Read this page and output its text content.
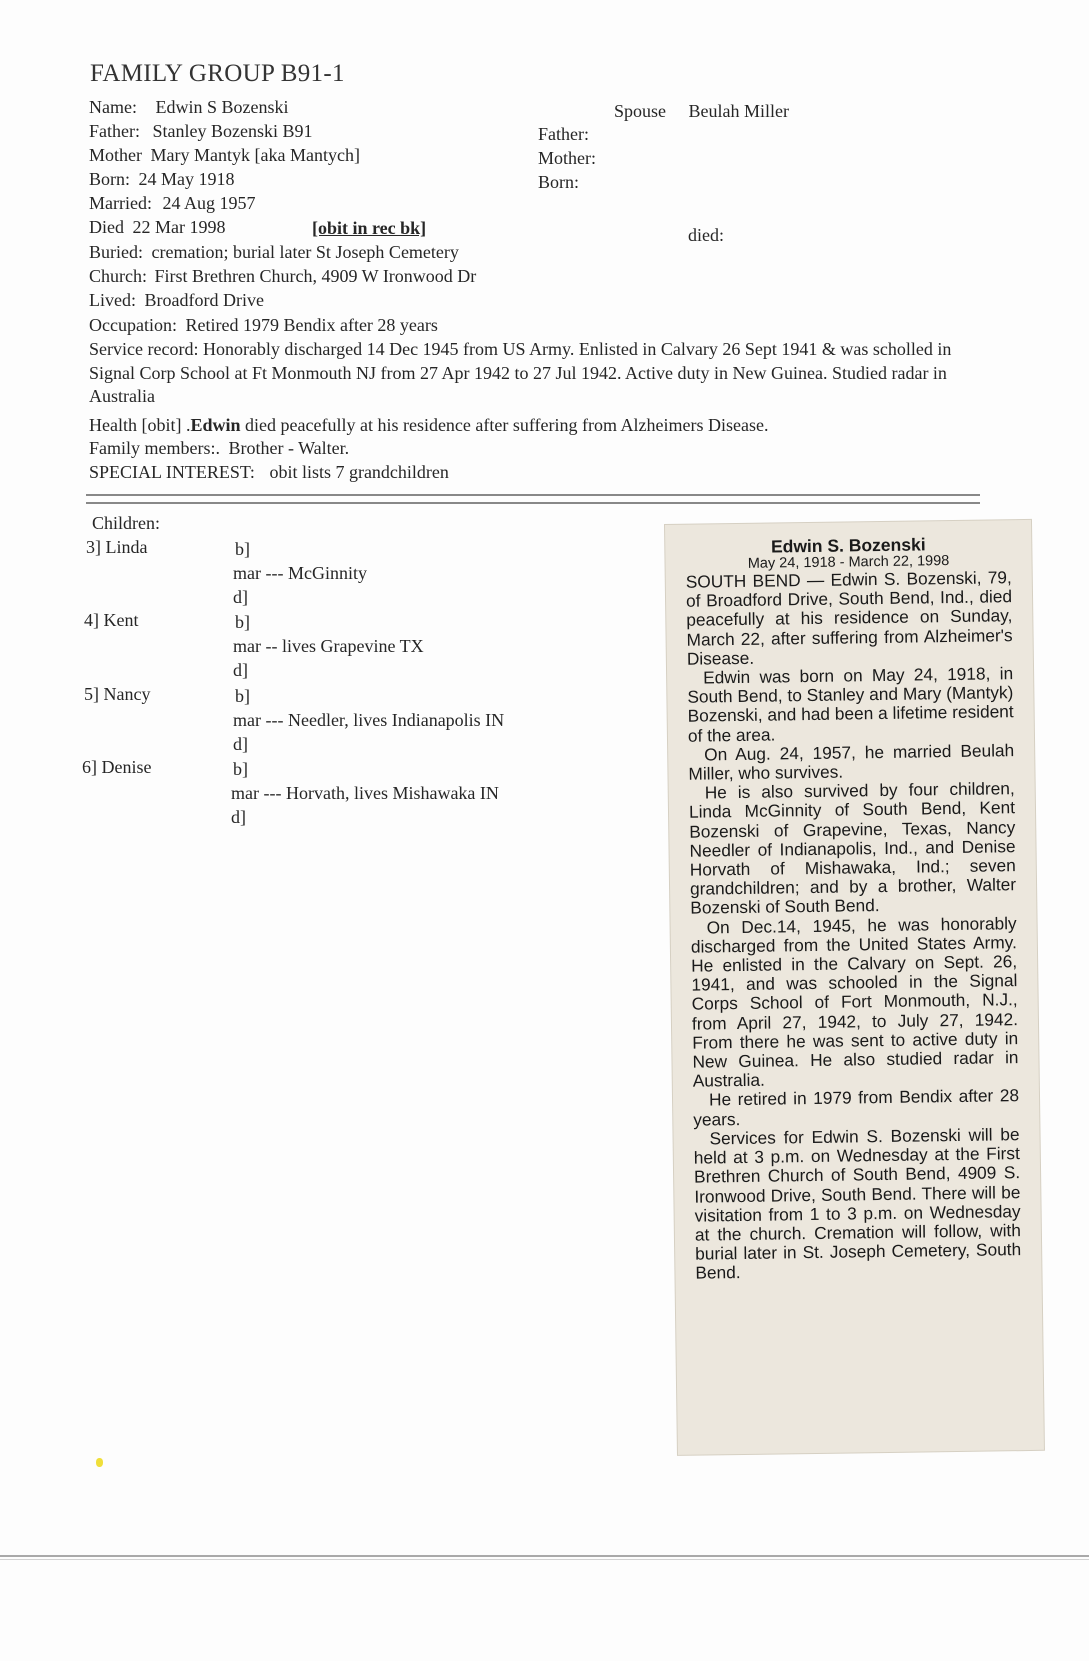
FAMILY GROUP B91-1
Name: Edwin S Bozenski
Father: Stanley Bozenski B91
Mother Mary Mantyk [aka Mantych]
Born: 24 May 1918
Married: 24 Aug 1957
Died 22 Mar 1998	[obit in rec bk]
Buried: cremation; burial later St Joseph Cemetery
Church: First Brethren Church, 4909 W Ironwood Dr
Lived: Broadford Drive
Occupation: Retired 1979 Bendix after 28 years
Service record: Honorably discharged 14 Dec 1945 from US Army. Enlisted in Calvary 26 Sept 1941 & was scholled in Signal Corp School at Ft Monmouth NJ from 27 Apr 1942 to 27 Jul 1942. Active duty in New Guinea. Studied radar in Australia
Health [obit] .Edwin died peacefully at his residence after suffering from Alzheimers Disease.
Family members:. Brother - Walter.
SPECIAL INTEREST: obit lists 7 grandchildren
Spouse Beulah Miller
Father:
Mother:
Born:
died:
Children:
3] Linda	b]
mar --- McGinnity
d]
4] Kent	b]
mar -- lives Grapevine TX
d]
5] Nancy	b]
mar --- Needler, lives Indianapolis IN
d]
6] Denise	b]
mar --- Horvath, lives Mishawaka IN
d]
Edwin S. Bozenski
May 24, 1918 - March 22, 1998

SOUTH BEND — Edwin S. Bozenski, 79, of Broadford Drive, South Bend, Ind., died peacefully at his residence on Sunday, March 22, after suffering from Alzheimer's Disease.

Edwin was born on May 24, 1918, in South Bend, to Stanley and Mary (Mantyk) Bozenski, and had been a lifetime resident of the area.

On Aug. 24, 1957, he married Beulah Miller, who survives.

He is also survived by four children, Linda McGinnity of South Bend, Kent Bozenski of Grapevine, Texas, Nancy Needler of Indianapolis, Ind., and Denise Horvath of Mishawaka, Ind.; seven grandchildren; and by a brother, Walter Bozenski of South Bend.

On Dec.14, 1945, he was honorably discharged from the United States Army. He enlisted in the Calvary on Sept. 26, 1941, and was schooled in the Signal Corps School of Fort Monmouth, N.J., from April 27, 1942, to July 27, 1942. From there he was sent to active duty in New Guinea. He also studied radar in Australia.

He retired in 1979 from Bendix after 28 years.

Services for Edwin S. Bozenski will be held at 3 p.m. on Wednesday at the First Brethren Church of South Bend, 4909 S. Ironwood Drive, South Bend. There will be visitation from 1 to 3 p.m. on Wednesday at the church. Cremation will follow, with burial later in St. Joseph Cemetery, South Bend.
